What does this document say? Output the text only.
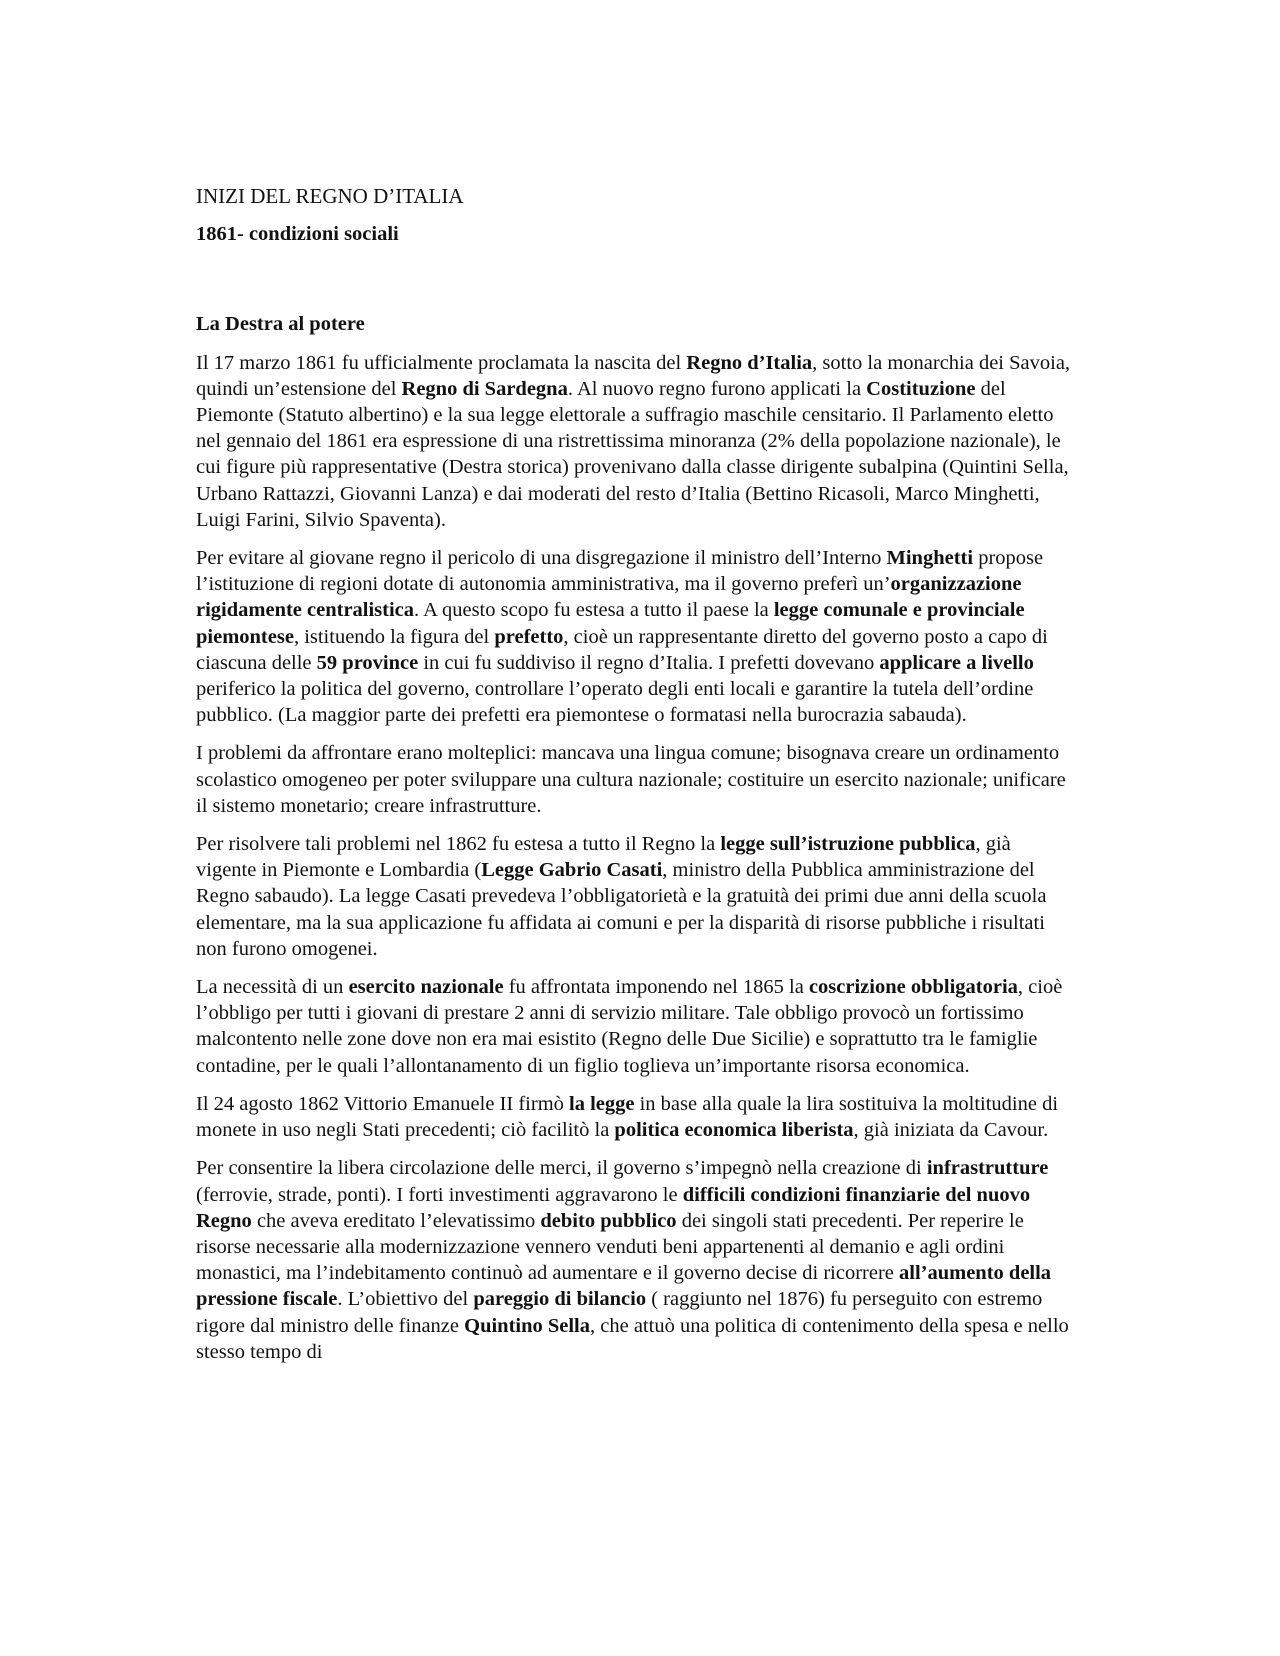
INIZI DEL REGNO D’ITALIA
1861- condizioni sociali
La Destra al potere

Il 17 marzo 1861 fu ufficialmente proclamata la nascita del Regno d’Italia, sotto la monarchia dei Savoia, quindi un’estensione del Regno di Sardegna. Al nuovo regno furono applicati la Costituzione del Piemonte (Statuto albertino) e la sua legge elettorale a suffragio maschile censitario. Il Parlamento eletto nel gennaio del 1861 era espressione di una ristrettissima minoranza (2% della popolazione nazionale), le cui figure più rappresentative (Destra storica) provenivano dalla classe dirigente subalpina (Quintini Sella, Urbano Rattazzi, Giovanni Lanza) e dai moderati del resto d’Italia (Bettino Ricasoli, Marco Minghetti, Luigi Farini, Silvio Spaventa).

Per evitare al giovane regno il pericolo di una disgregazione il ministro dell’Interno Minghetti propose l’istituzione di regioni dotate di autonomia amministrativa, ma il governo preferì un’organizzazione rigidamente centralistica. A questo scopo fu estesa a tutto il paese la legge comunale e provinciale piemontese, istituendo la figura del prefetto, cioè un rappresentante diretto del governo posto a capo di ciascuna delle 59 province in cui fu suddiviso il regno d’Italia. I prefetti dovevano applicare a livello periferico la politica del governo, controllare l’operato degli enti locali e garantire la tutela dell’ordine pubblico. (La maggior parte dei prefetti era piemontese o formatasi nella burocrazia sabauda).

I problemi da affrontare erano molteplici: mancava una lingua comune; bisognava creare un ordinamento scolastico omogeneo per poter sviluppare una cultura nazionale; costituire un esercito nazionale; unificare il sistemo monetario; creare infrastrutture.

Per risolvere tali problemi nel 1862 fu estesa a tutto il Regno la legge sull’istruzione pubblica, già vigente in Piemonte e Lombardia (Legge Gabrio Casati, ministro della Pubblica amministrazione del Regno sabaudo). La legge Casati prevedeva l’obbligatorietà e la gratuità dei primi due anni della scuola elementare, ma la sua applicazione fu affidata ai comuni e per la disparità di risorse pubbliche i risultati non furono omogenei.

La necessità di un esercito nazionale fu affrontata imponendo nel 1865 la coscrizione obbligatoria, cioè l’obbligo per tutti i giovani di prestare 2 anni di servizio militare. Tale obbligo provocò un fortissimo malcontento nelle zone dove non era mai esistito (Regno delle Due Sicilie) e soprattutto tra le famiglie contadine, per le quali l’allontanamento di un figlio toglieva un’importante risorsa economica.

Il 24 agosto 1862 Vittorio Emanuele II firmò la legge in base alla quale la lira sostituiva la moltitudine di monete in uso negli Stati precedenti; ciò facilitò la politica economica liberista, già iniziata da Cavour.

Per consentire la libera circolazione delle merci, il governo s’impegnò nella creazione di infrastrutture (ferrovie, strade, ponti). I forti investimenti aggravarono le difficili condizioni finanziarie del nuovo Regno che aveva ereditato l’elevatissimo debito pubblico dei singoli stati precedenti. Per reperire le risorse necessarie alla modernizzazione vennero venduti beni appartenenti al demanio e agli ordini monastici, ma l’indebitamento continuò ad aumentare e il governo decise di ricorrere all’aumento della pressione fiscale. L’obiettivo del pareggio di bilancio ( raggiunto nel 1876) fu perseguito con estremo rigore dal ministro delle finanze Quintino Sella, che attuò una politica di contenimento della spesa e nello stesso tempo di
